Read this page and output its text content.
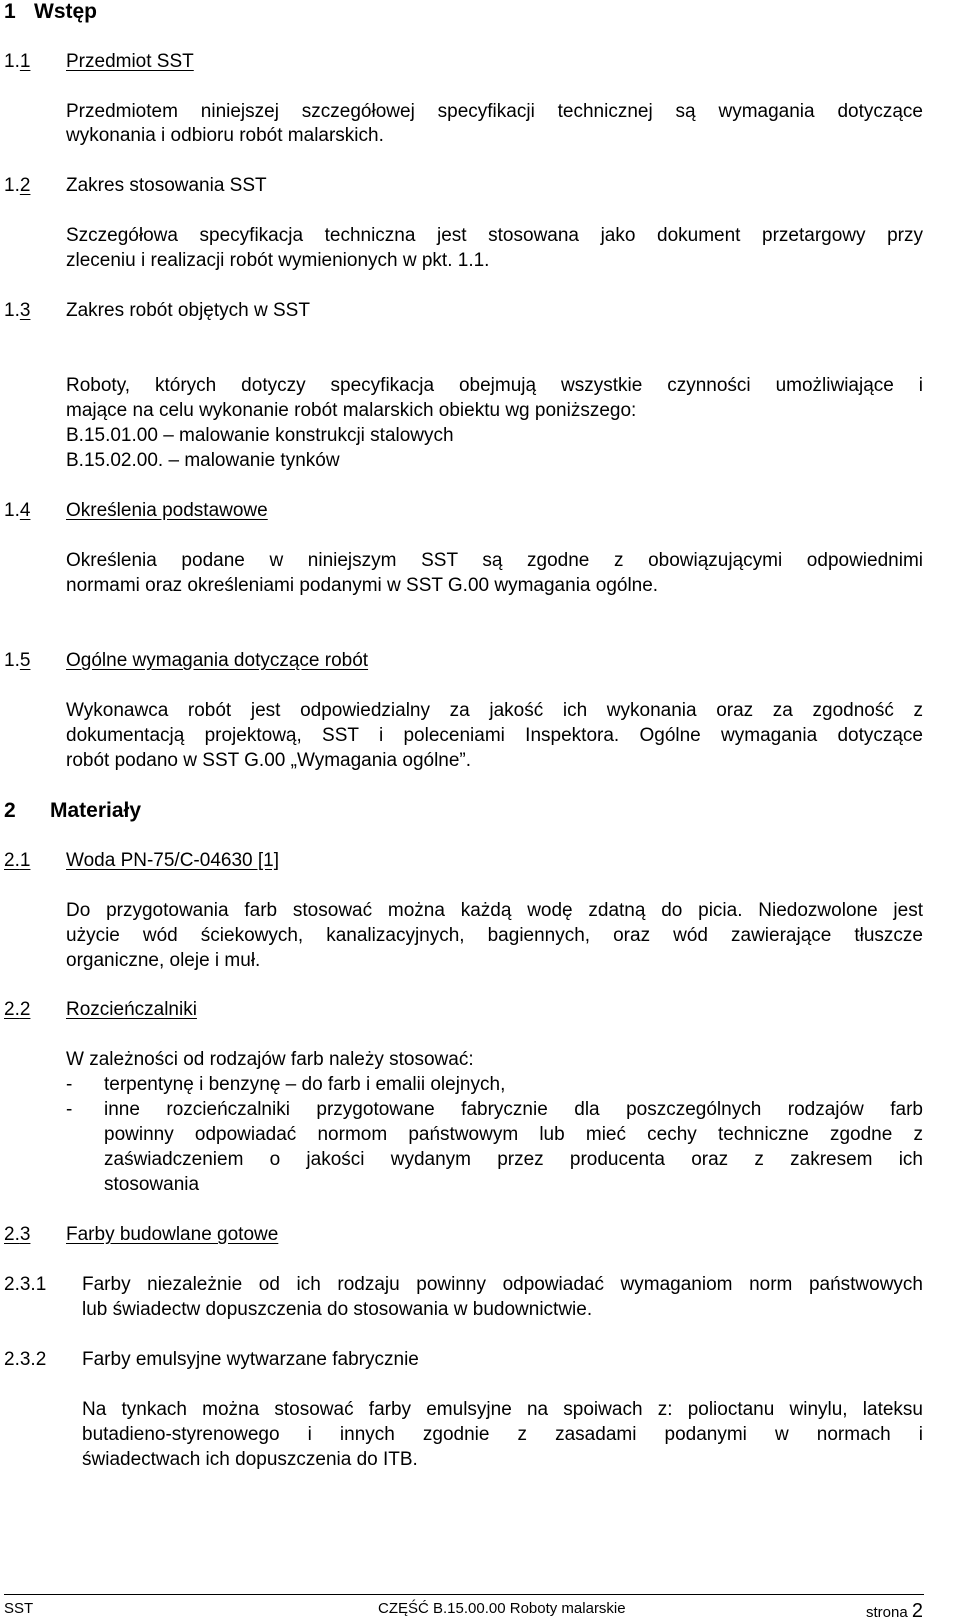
1 Wstęp
1.1 Przedmiot SST
Przedmiotem niniejszej szczegółowej specyfikacji technicznej są wymagania dotyczące
wykonania i odbioru robót malarskich.
1.2 Zakres stosowania SST
Szczegółowa specyfikacja techniczna jest stosowana jako dokument przetargowy przy
zleceniu i realizacji robót wymienionych w pkt. 1.1.
1.3 Zakres robót objętych w SST
Roboty, których dotyczy specyfikacja obejmują wszystkie czynności umożliwiające i
mające na celu wykonanie robót malarskich obiektu wg poniższego:
B.15.01.00 – malowanie konstrukcji stalowych
B.15.02.00. – malowanie tynków
1.4 Określenia podstawowe
Określenia podane w niniejszym SST są zgodne z obowiązującymi odpowiednimi
normami oraz określeniami podanymi w SST G.00 wymagania ogólne.
1.5 Ogólne wymagania dotyczące robót
Wykonawca robót jest odpowiedzialny za jakość ich wykonania oraz za zgodność z
dokumentacją projektową, SST i poleceniami Inspektora. Ogólne wymagania dotyczące
robót podano w SST G.00 „Wymagania ogólne”.
2 Materiały
2.1 Woda PN-75/C-04630 [1]
Do przygotowania farb stosować można każdą wodę zdatną do picia. Niedozwolone jest
użycie wód ściekowych, kanalizacyjnych, bagiennych, oraz wód zawierające tłuszcze
organiczne, oleje i muł.
2.2 Rozcieńczalniki
W zależności od rodzajów farb należy stosować:
- terpentynę i benzynę – do farb i emalii olejnych,
- inne rozcieńczalniki przygotowane fabrycznie dla poszczególnych rodzajów farb
powinny odpowiadać normom państwowym lub mieć cechy techniczne zgodne z
zaświadczeniem o jakości wydanym przez producenta oraz z zakresem ich
stosowania
2.3 Farby budowlane gotowe
2.3.1 Farby niezależnie od ich rodzaju powinny odpowiadać wymaganiom norm państwowych
lub świadectw dopuszczenia do stosowania w budownictwie.
2.3.2 Farby emulsyjne wytwarzane fabrycznie
Na tynkach można stosować farby emulsyjne na spoiwach z: polioctanu winylu, lateksu
butadieno-styrenowego i innych zgodnie z zasadami podanymi w normach i
świadectwach ich dopuszczenia do ITB.
SST	CZĘŚĆ B.15.00.00 Roboty malarskie	strona 2
